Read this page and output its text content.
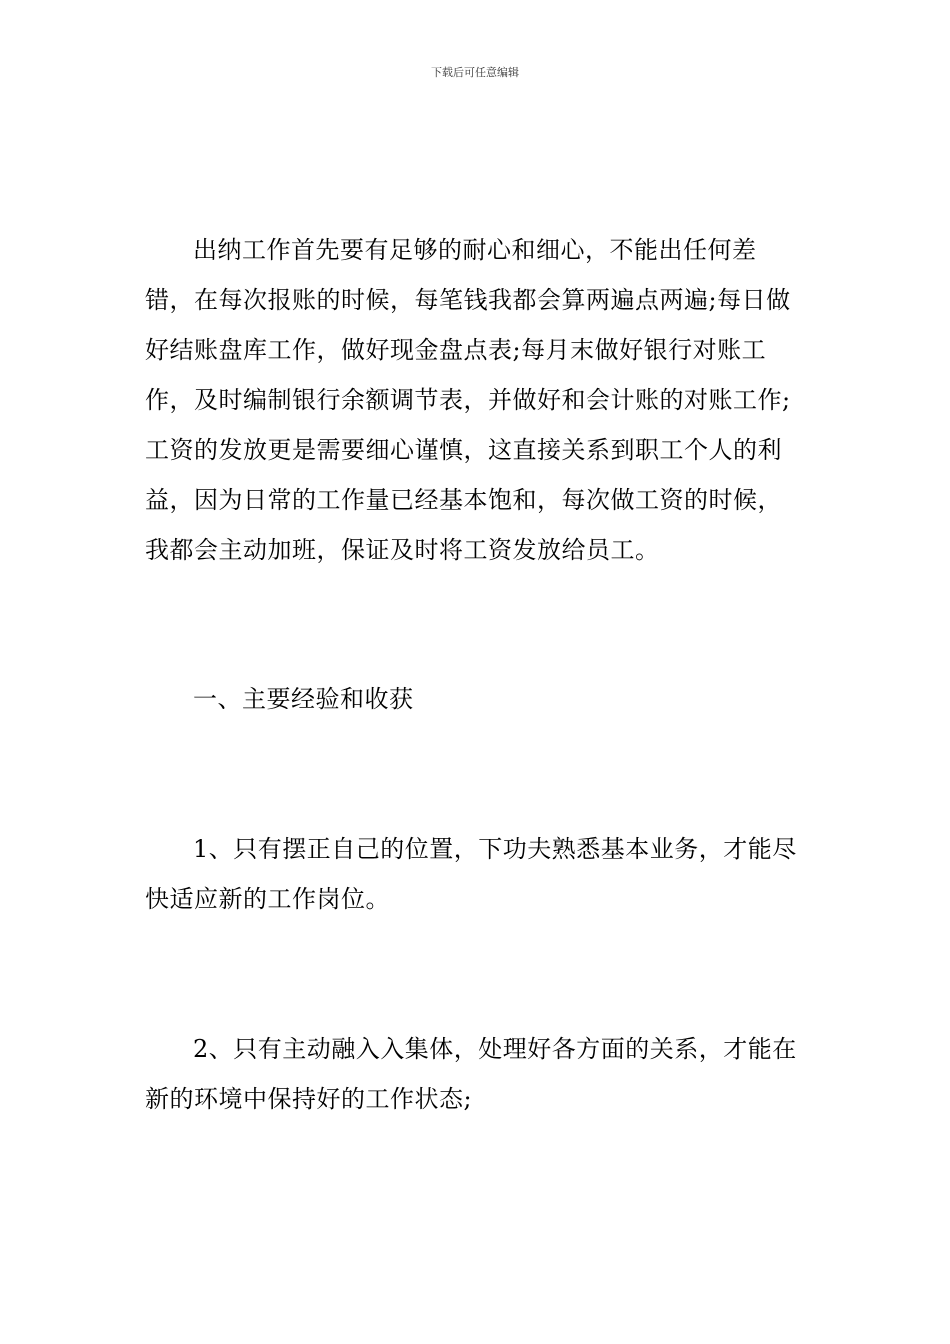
下载后可任意编辑

出纳工作首先要有足够的耐心和细心，不能出任何差错，在每次报账的时候，每笔钱我都会算两遍点两遍;每日做好结账盘库工作，做好现金盘点表;每月末做好银行对账工作，及时编制银行余额调节表，并做好和会计账的对账工作;工资的发放更是需要细心谨慎，这直接关系到职工个人的利益，因为日常的工作量已经基本饱和，每次做工资的时候，我都会主动加班，保证及时将工资发放给员工。

一、主要经验和收获

1、只有摆正自己的位置，下功夫熟悉基本业务，才能尽快适应新的工作岗位。

2、只有主动融入入集体，处理好各方面的关系，才能在新的环境中保持好的工作状态;
